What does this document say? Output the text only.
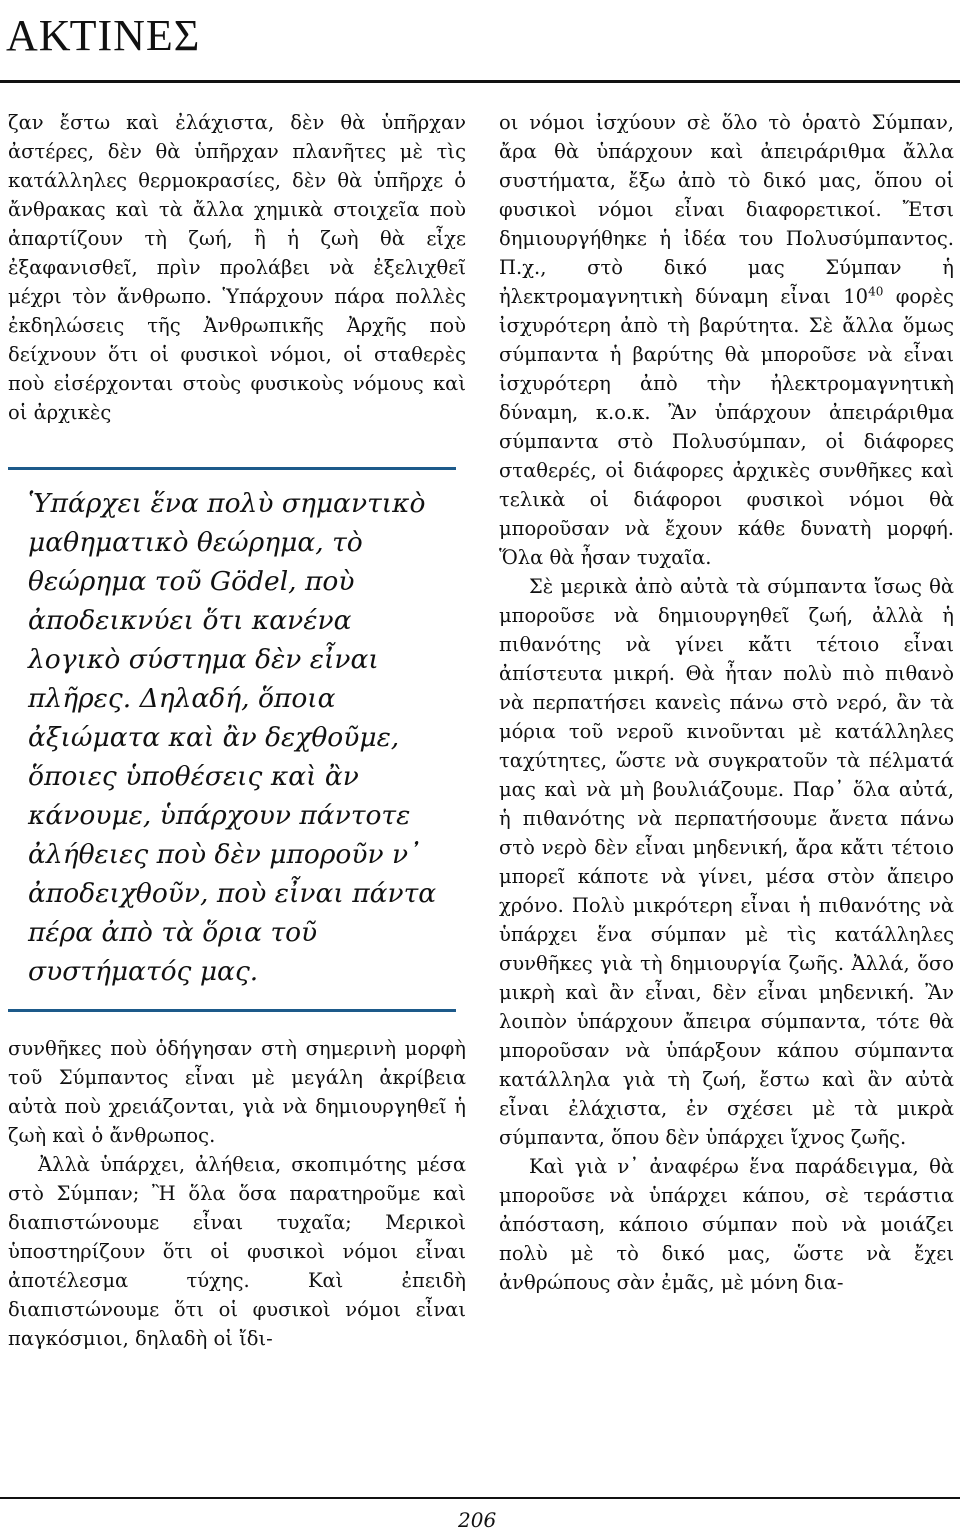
ΑΚΤΙΝΕΣ

ζαν ἔστω καὶ ἐλάχιστα, δὲν θὰ ὑπῆρχαν ἀστέρες, δὲν θὰ ὑπῆρχαν πλανῆτες μὲ τὶς κατάλληλες θερμοκρασίες, δὲν θὰ ὑπῆρχε ὁ ἄνθρακας καὶ τὰ ἄλλα χημικὰ στοιχεῖα ποὺ ἀπαρτίζουν τὴ ζωή, ἢ ἡ ζωὴ θὰ εἶχε ἐξαφανισθεῖ, πρὶν προλάβει νὰ ἐξελιχθεῖ μέχρι τὸν ἄνθρωπο. Ὑπάρχουν πάρα πολλὲς ἐκδηλώσεις τῆς Ἀνθρωπικῆς Ἀρχῆς ποὺ δείχνουν ὅτι οἱ φυσικοὶ νόμοι, οἱ σταθερὲς ποὺ εἰσέρχονται στοὺς φυσικοὺς νόμους καὶ οἱ ἀρχικὲς

Ὑπάρχει ἕνα πολὺ σημαντικὸ μαθηματικὸ θεώρημα, τὸ θεώρημα τοῦ Gödel, ποὺ ἀποδεικνύει ὅτι κανένα λογικὸ σύστημα δὲν εἶναι πλῆρες. Δηλαδή, ὅποια ἀξιώματα καὶ ἂν δεχθοῦμε, ὅποιες ὑποθέσεις καὶ ἂν κάνουμε, ὑπάρχουν πάντοτε ἀλήθειες ποὺ δὲν μποροῦν ν᾽ ἀποδειχθοῦν, ποὺ εἶναι πάντα πέρα ἀπὸ τὰ ὅρια τοῦ συστήματός μας.

συνθῆκες ποὺ ὁδήγησαν στὴ σημερινὴ μορφὴ τοῦ Σύμπαντος εἶναι μὲ μεγάλη ἀκρίβεια αὐτὰ ποὺ χρειάζονται, γιὰ νὰ δημιουργηθεῖ ἡ ζωὴ καὶ ὁ ἄνθρωπος.

Ἀλλὰ ὑπάρχει, ἀλήθεια, σκοπιμότης μέσα στὸ Σύμπαν; Ἢ ὅλα ὅσα παρατηροῦμε καὶ διαπιστώνουμε εἶναι τυχαῖα; Μερικοὶ ὑποστηρίζουν ὅτι οἱ φυσικοὶ νόμοι εἶναι ἀποτέλεσμα τύχης. Καὶ ἐπειδὴ διαπιστώνουμε ὅτι οἱ φυσικοὶ νόμοι εἶναι παγκόσμιοι, δηλαδὴ οἱ ἴδι-

οι νόμοι ἰσχύουν σὲ ὅλο τὸ ὁρατὸ Σύμπαν, ἄρα θὰ ὑπάρχουν καὶ ἀπειράριθμα ἄλλα συστήματα, ἔξω ἀπὸ τὸ δικό μας, ὅπου οἱ φυσικοὶ νόμοι εἶναι διαφορετικοί. Ἔτσι δημιουργήθηκε ἡ ἰδέα του Πολυσύμπαντος. Π.χ., στὸ δικό μας Σύμπαν ἡ ἠλεκτρομαγνητικὴ δύναμη εἶναι $10^{40}$ φορὲς ἰσχυρότερη ἀπὸ τὴ βαρύτητα. Σὲ ἄλλα ὅμως σύμπαντα ἡ βαρύτης θὰ μποροῦσε νὰ εἶναι ἰσχυρότερη ἀπὸ τὴν ἠλεκτρομαγνητικὴ δύναμη, κ.ο.κ. Ἂν ὑπάρχουν ἀπειράριθμα σύμπαντα στὸ Πολυσύμπαν, οἱ διάφορες σταθερές, οἱ διάφορες ἀρχικὲς συνθῆκες καὶ τελικὰ οἱ διάφοροι φυσικοὶ νόμοι θὰ μποροῦσαν νὰ ἔχουν κάθε δυνατὴ μορφή. Ὅλα θὰ ἦσαν τυχαῖα.

Σὲ μερικὰ ἀπὸ αὐτὰ τὰ σύμπαντα ἴσως θὰ μποροῦσε νὰ δημιουργηθεῖ ζωή, ἀλλὰ ἡ πιθανότης νὰ γίνει κἄτι τέτοιο εἶναι ἀπίστευτα μικρή. Θὰ ἦταν πολὺ πιὸ πιθανὸ νὰ περπατήσει κανεὶς πάνω στὸ νερό, ἂν τὰ μόρια τοῦ νεροῦ κινοῦνται μὲ κατάλληλες ταχύτητες, ὥστε νὰ συγκρατοῦν τὰ πέλματά μας καὶ νὰ μὴ βουλιάζουμε. Παρ᾽ ὅλα αὐτά, ἡ πιθανότης νὰ περπατήσουμε ἄνετα πάνω στὸ νερὸ δὲν εἶναι μηδενική, ἄρα κἄτι τέτοιο μπορεῖ κάποτε νὰ γίνει, μέσα στὸν ἄπειρο χρόνο. Πολὺ μικρότερη εἶναι ἡ πιθανότης νὰ ὑπάρχει ἕνα σύμπαν μὲ τὶς κατάλληλες συνθῆκες γιὰ τὴ δημιουργία ζωῆς. Ἀλλά, ὅσο μικρὴ καὶ ἂν εἶναι, δὲν εἶναι μηδενική. Ἂν λοιπὸν ὑπάρχουν ἄπειρα σύμπαντα, τότε θὰ μποροῦσαν νὰ ὑπάρξουν κάπου σύμπαντα κατάλληλα γιὰ τὴ ζωή, ἔστω καὶ ἂν αὐτὰ εἶναι ἐλάχιστα, ἐν σχέσει μὲ τὰ μικρὰ σύμπαντα, ὅπου δὲν ὑπάρχει ἴχνος ζωῆς.

Καὶ γιὰ ν᾽ ἀναφέρω ἕνα παράδειγμα, θὰ μποροῦσε νὰ ὑπάρχει κάπου, σὲ τεράστια ἀπόσταση, κάποιο σύμπαν ποὺ νὰ μοιάζει πολὺ μὲ τὸ δικό μας, ὥστε νὰ ἔχει ἀνθρώπους σὰν ἐμᾶς, μὲ μόνη δια-

206
